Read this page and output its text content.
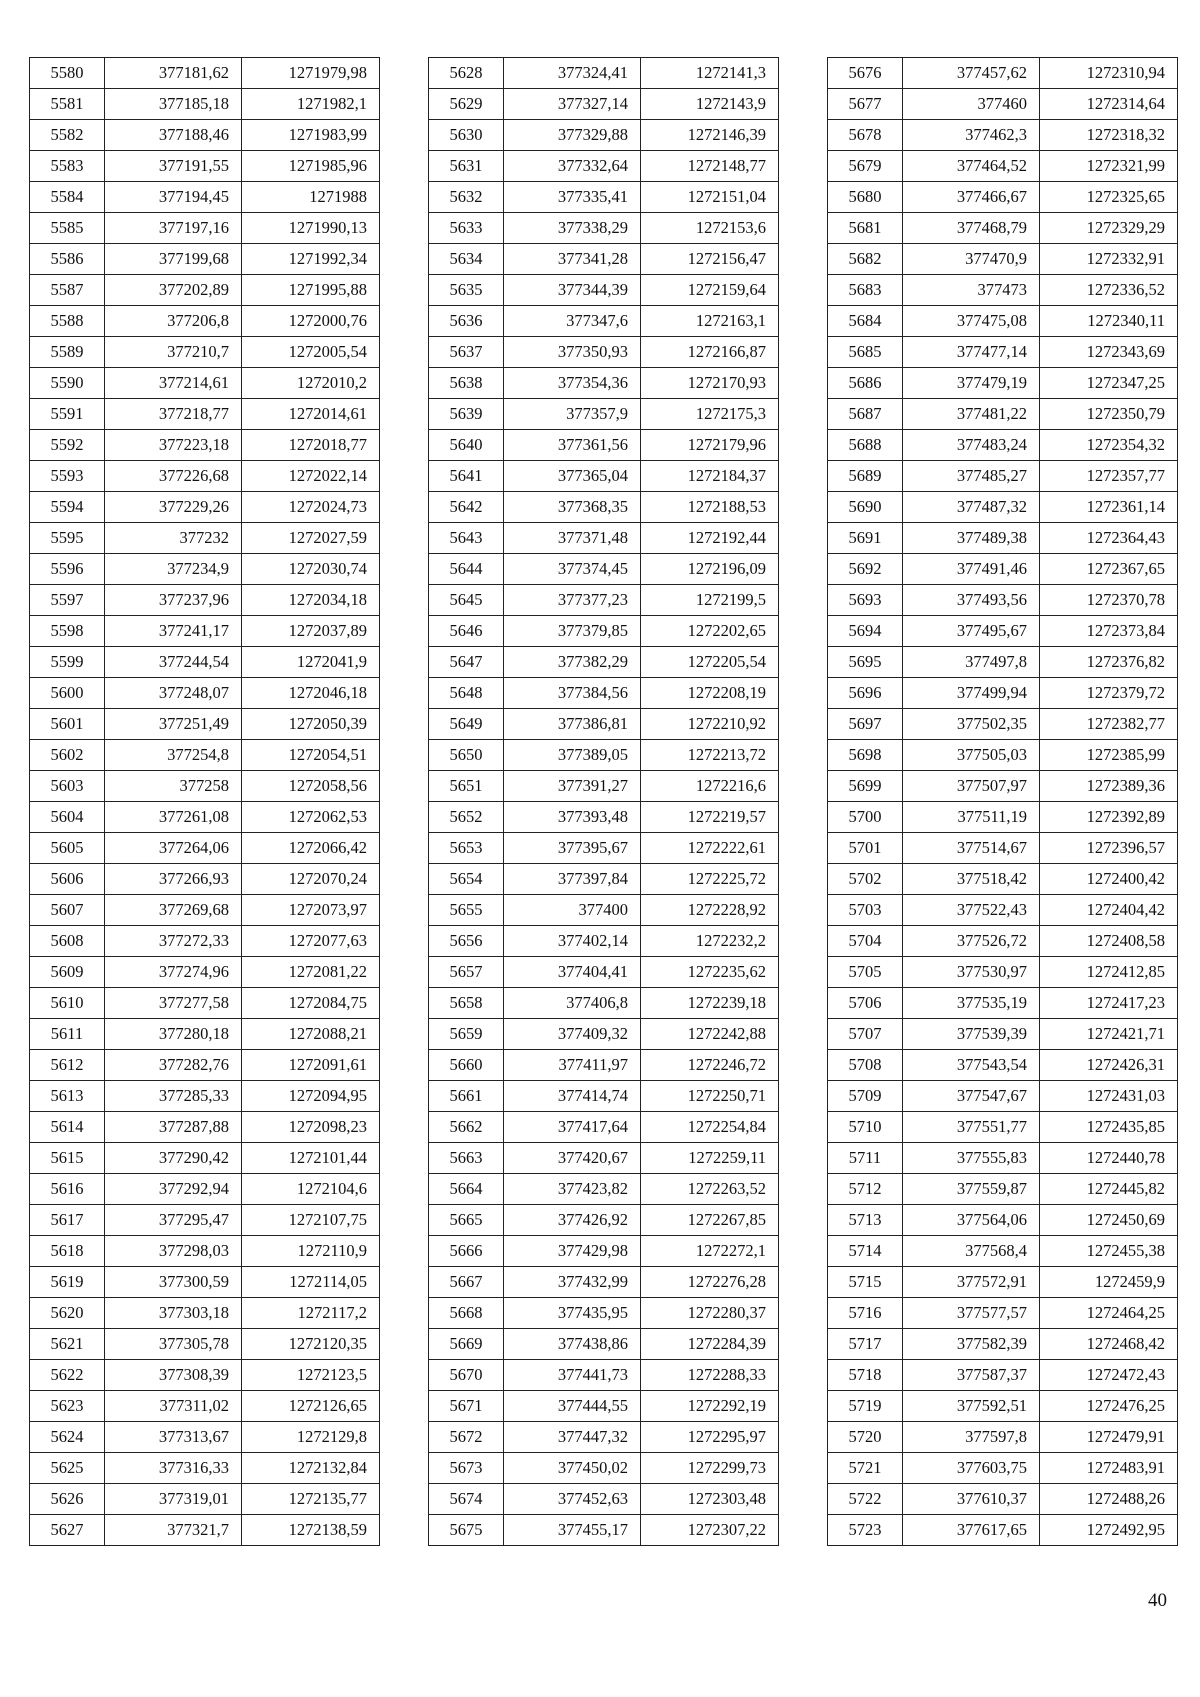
5580	377181,62	1271979,98
5581	377185,18	1271982,1
5582	377188,46	1271983,99
5583	377191,55	1271985,96
5584	377194,45	1271988
5585	377197,16	1271990,13
5586	377199,68	1271992,34
5587	377202,89	1271995,88
5588	377206,8	1272000,76
5589	377210,7	1272005,54
5590	377214,61	1272010,2
5591	377218,77	1272014,61
5592	377223,18	1272018,77
5593	377226,68	1272022,14
5594	377229,26	1272024,73
5595	377232	1272027,59
5596	377234,9	1272030,74
5597	377237,96	1272034,18
5598	377241,17	1272037,89
5599	377244,54	1272041,9
5600	377248,07	1272046,18
5601	377251,49	1272050,39
5602	377254,8	1272054,51
5603	377258	1272058,56
5604	377261,08	1272062,53
5605	377264,06	1272066,42
5606	377266,93	1272070,24
5607	377269,68	1272073,97
5608	377272,33	1272077,63
5609	377274,96	1272081,22
5610	377277,58	1272084,75
5611	377280,18	1272088,21
5612	377282,76	1272091,61
5613	377285,33	1272094,95
5614	377287,88	1272098,23
5615	377290,42	1272101,44
5616	377292,94	1272104,6
5617	377295,47	1272107,75
5618	377298,03	1272110,9
5619	377300,59	1272114,05
5620	377303,18	1272117,2
5621	377305,78	1272120,35
5622	377308,39	1272123,5
5623	377311,02	1272126,65
5624	377313,67	1272129,8
5625	377316,33	1272132,84
5626	377319,01	1272135,77
5627	377321,7	1272138,59
5628	377324,41	1272141,3
5629	377327,14	1272143,9
5630	377329,88	1272146,39
5631	377332,64	1272148,77
5632	377335,41	1272151,04
5633	377338,29	1272153,6
5634	377341,28	1272156,47
5635	377344,39	1272159,64
5636	377347,6	1272163,1
5637	377350,93	1272166,87
5638	377354,36	1272170,93
5639	377357,9	1272175,3
5640	377361,56	1272179,96
5641	377365,04	1272184,37
5642	377368,35	1272188,53
5643	377371,48	1272192,44
5644	377374,45	1272196,09
5645	377377,23	1272199,5
5646	377379,85	1272202,65
5647	377382,29	1272205,54
5648	377384,56	1272208,19
5649	377386,81	1272210,92
5650	377389,05	1272213,72
5651	377391,27	1272216,6
5652	377393,48	1272219,57
5653	377395,67	1272222,61
5654	377397,84	1272225,72
5655	377400	1272228,92
5656	377402,14	1272232,2
5657	377404,41	1272235,62
5658	377406,8	1272239,18
5659	377409,32	1272242,88
5660	377411,97	1272246,72
5661	377414,74	1272250,71
5662	377417,64	1272254,84
5663	377420,67	1272259,11
5664	377423,82	1272263,52
5665	377426,92	1272267,85
5666	377429,98	1272272,1
5667	377432,99	1272276,28
5668	377435,95	1272280,37
5669	377438,86	1272284,39
5670	377441,73	1272288,33
5671	377444,55	1272292,19
5672	377447,32	1272295,97
5673	377450,02	1272299,73
5674	377452,63	1272303,48
5675	377455,17	1272307,22
5676	377457,62	1272310,94
5677	377460	1272314,64
5678	377462,3	1272318,32
5679	377464,52	1272321,99
5680	377466,67	1272325,65
5681	377468,79	1272329,29
5682	377470,9	1272332,91
5683	377473	1272336,52
5684	377475,08	1272340,11
5685	377477,14	1272343,69
5686	377479,19	1272347,25
5687	377481,22	1272350,79
5688	377483,24	1272354,32
5689	377485,27	1272357,77
5690	377487,32	1272361,14
5691	377489,38	1272364,43
5692	377491,46	1272367,65
5693	377493,56	1272370,78
5694	377495,67	1272373,84
5695	377497,8	1272376,82
5696	377499,94	1272379,72
5697	377502,35	1272382,77
5698	377505,03	1272385,99
5699	377507,97	1272389,36
5700	377511,19	1272392,89
5701	377514,67	1272396,57
5702	377518,42	1272400,42
5703	377522,43	1272404,42
5704	377526,72	1272408,58
5705	377530,97	1272412,85
5706	377535,19	1272417,23
5707	377539,39	1272421,71
5708	377543,54	1272426,31
5709	377547,67	1272431,03
5710	377551,77	1272435,85
5711	377555,83	1272440,78
5712	377559,87	1272445,82
5713	377564,06	1272450,69
5714	377568,4	1272455,38
5715	377572,91	1272459,9
5716	377577,57	1272464,25
5717	377582,39	1272468,42
5718	377587,37	1272472,43
5719	377592,51	1272476,25
5720	377597,8	1272479,91
5721	377603,75	1272483,91
5722	377610,37	1272488,26
5723	377617,65	1272492,95
40
